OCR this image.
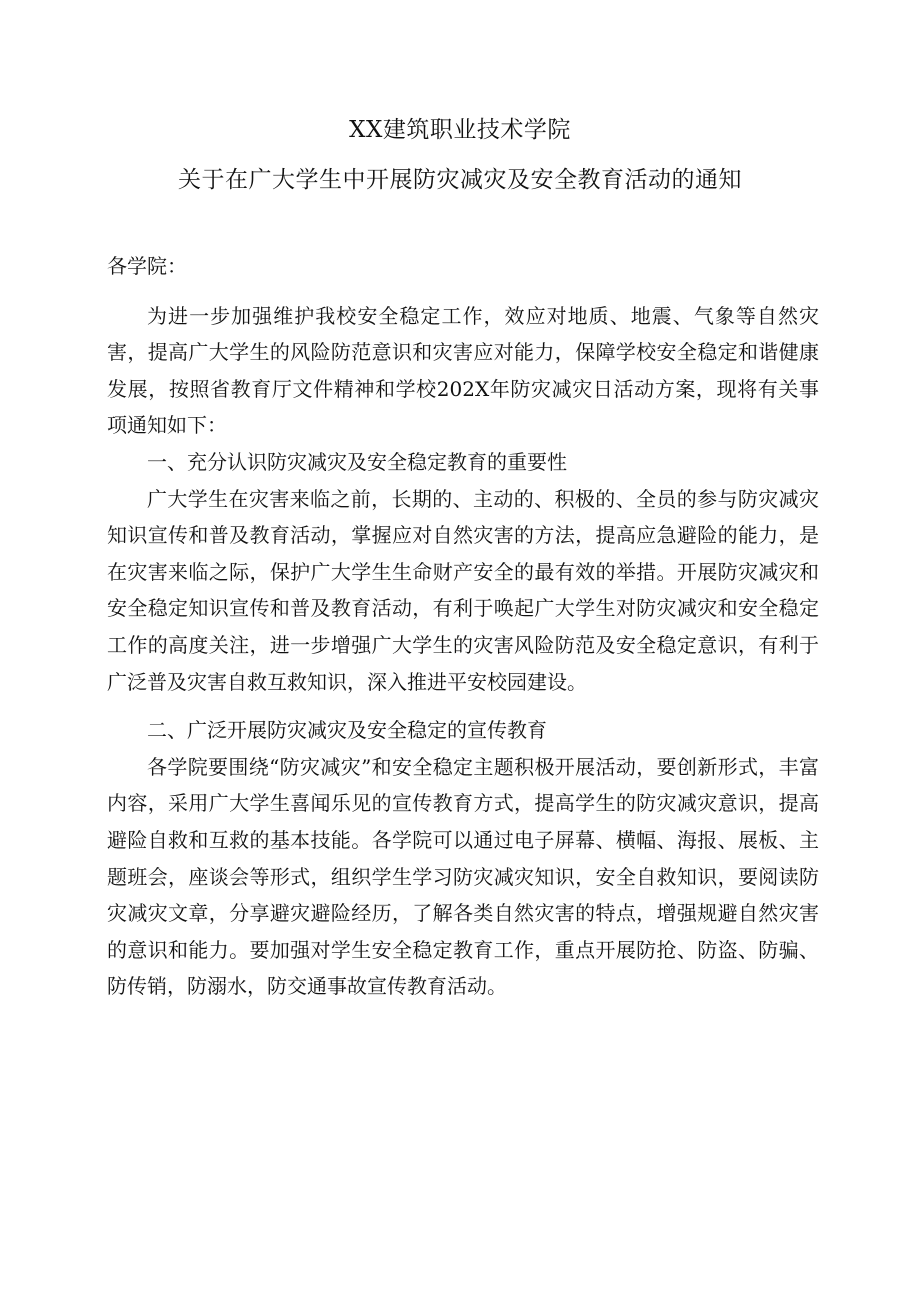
XX建筑职业技术学院
关于在广大学生中开展防灾减灾及安全教育活动的通知

各学院：

为进一步加强维护我校安全稳定工作，效应对地质、地震、气象等自然灾害，提高广大学生的风险防范意识和灾害应对能力，保障学校安全稳定和谐健康发展，按照省教育厅文件精神和学校202X年防灾减灾日活动方案，现将有关事项通知如下：

一、充分认识防灾减灾及安全稳定教育的重要性

广大学生在灾害来临之前，长期的、主动的、积极的、全员的参与防灾减灾知识宣传和普及教育活动，掌握应对自然灾害的方法，提高应急避险的能力，是在灾害来临之际，保护广大学生生命财产安全的最有效的举措。开展防灾减灾和安全稳定知识宣传和普及教育活动，有利于唤起广大学生对防灾减灾和安全稳定工作的高度关注，进一步增强广大学生的灾害风险防范及安全稳定意识，有利于广泛普及灾害自救互救知识，深入推进平安校园建设。

二、广泛开展防灾减灾及安全稳定的宣传教育

各学院要围绕“防灾减灾”和安全稳定主题积极开展活动，要创新形式，丰富内容，采用广大学生喜闻乐见的宣传教育方式，提高学生的防灾减灾意识，提高避险自救和互救的基本技能。各学院可以通过电子屏幕、横幅、海报、展板、主题班会，座谈会等形式，组织学生学习防灾减灾知识，安全自救知识，要阅读防灾减灾文章，分享避灾避险经历，了解各类自然灾害的特点，增强规避自然灾害的意识和能力。要加强对学生安全稳定教育工作，重点开展防抢、防盗、防骗、防传销，防溺水，防交通事故宣传教育活动。
